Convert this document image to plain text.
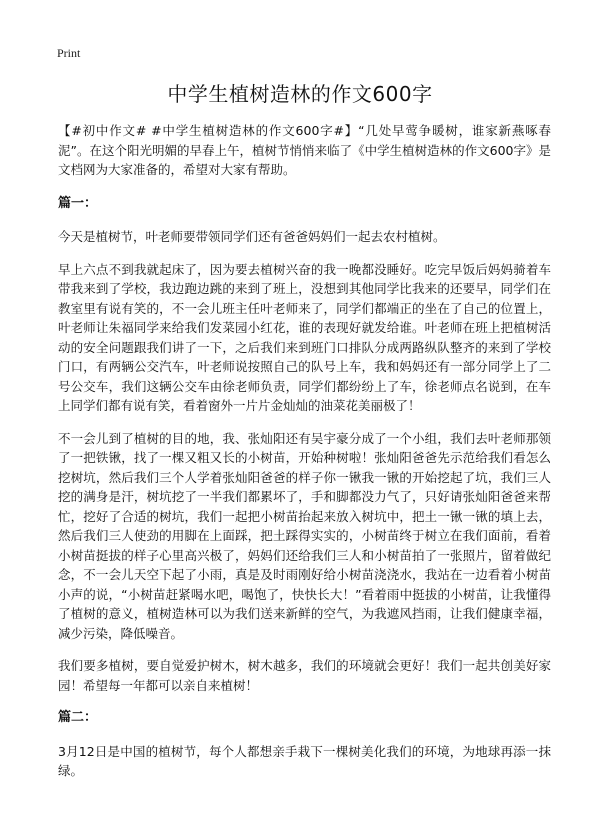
Print
中学生植树造林的作文600字

【#初中作文# #中学生植树造林的作文600字#】“几处早莺争暖树，谁家新燕啄春泥”。在这个阳光明媚的早春上午，植树节悄悄来临了《中学生植树造林的作文600字》是文档网为大家准备的，希望对大家有帮助。

篇一：

今天是植树节，叶老师要带领同学们还有爸爸妈妈们一起去农村植树。

早上六点不到我就起床了，因为要去植树兴奋的我一晚都没睡好。吃完早饭后妈妈骑着车带我来到了学校，我边跑边跳的来到了班上，没想到其他同学比我来的还要早，同学们在教室里有说有笑的，不一会儿班主任叶老师来了，同学们都端正的坐在了自己的位置上，叶老师让朱福同学来给我们发菜园小红花，谁的表现好就发给谁。叶老师在班上把植树活动的安全问题跟我们讲了一下，之后我们来到班门口排队分成两路纵队整齐的来到了学校门口，有两辆公交汽车，叶老师说按照自己的队号上车，我和妈妈还有一部分同学上了二号公交车，我们这辆公交车由徐老师负责，同学们都纷纷上了车，徐老师点名说到，在车上同学们都有说有笑，看着窗外一片片金灿灿的油菜花美丽极了！

不一会儿到了植树的目的地，我、张灿阳还有吴宇豪分成了一个小组，我们去叶老师那领了一把铁锹，找了一棵又粗又长的小树苗，开始种树啦！张灿阳爸爸先示范给我们看怎么挖树坑，然后我们三个人学着张灿阳爸爸的样子你一锹我一锹的开始挖起了坑，我们三人挖的满身是汗，树坑挖了一半我们都累坏了，手和脚都没力气了，只好请张灿阳爸爸来帮忙，挖好了合适的树坑，我们一起把小树苗抬起来放入树坑中，把土一锹一锹的填上去，然后我们三人使劲的用脚在上面踩，把土踩得实实的，小树苗终于树立在我们面前，看着小树苗挺拔的样子心里高兴极了，妈妈们还给我们三人和小树苗拍了一张照片，留着做纪念，不一会儿天空下起了小雨，真是及时雨刚好给小树苗浇浇水，我站在一边看着小树苗小声的说，“小树苗赶紧喝水吧，喝饱了，快快长大！”看着雨中挺拔的小树苗，让我懂得了植树的意义，植树造林可以为我们送来新鲜的空气，为我遮风挡雨，让我们健康幸福，减少污染，降低噪音。

我们要多植树，要自觉爱护树木，树木越多，我们的环境就会更好！我们一起共创美好家园！希望每一年都可以亲自来植树！

篇二：

3月12日是中国的植树节，每个人都想亲手栽下一棵树美化我们的环境，为地球再添一抹绿。
